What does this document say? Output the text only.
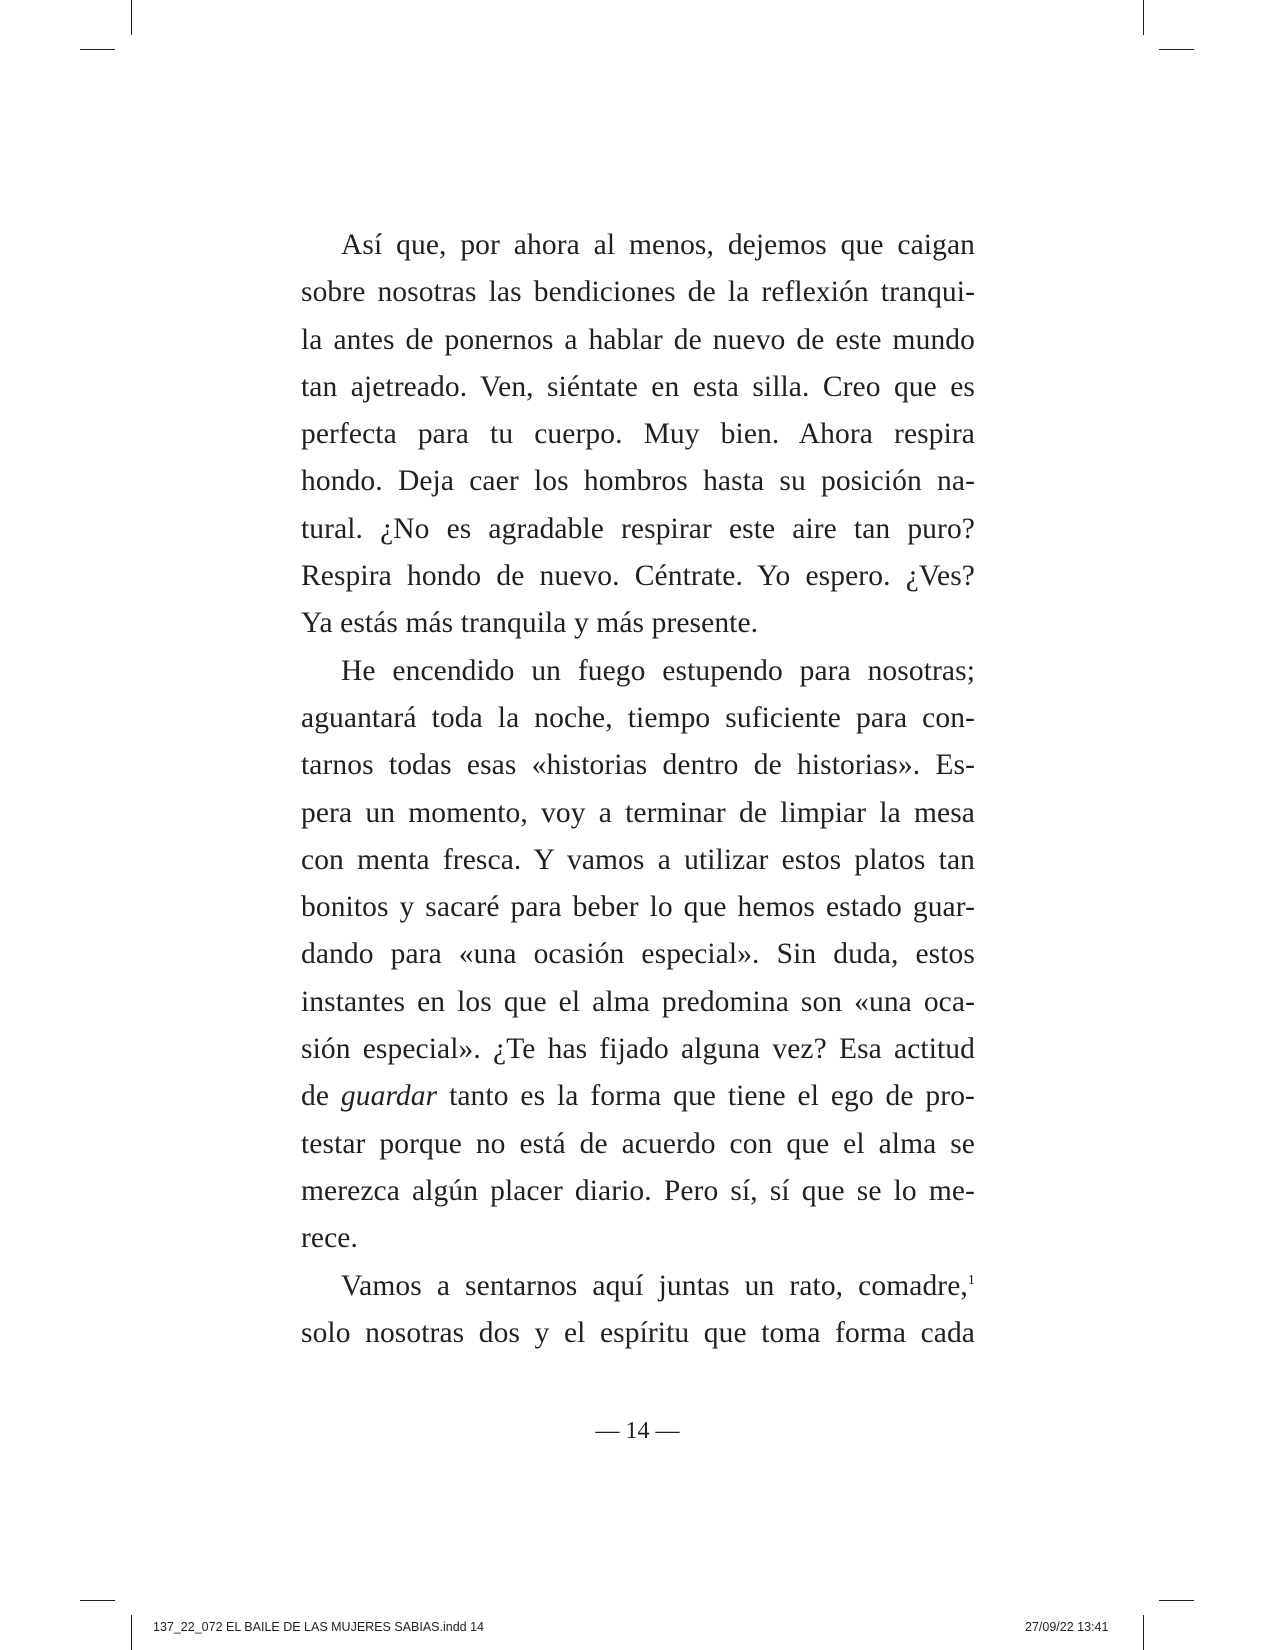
Así que, por ahora al menos, dejemos que caigan
sobre nosotras las bendiciones de la reflexión tranqui-
la antes de ponernos a hablar de nuevo de este mundo
tan ajetreado. Ven, siéntate en esta silla. Creo que es
perfecta para tu cuerpo. Muy bien. Ahora respira
hondo. Deja caer los hombros hasta su posición na-
tural. ¿No es agradable respirar este aire tan puro?
Respira hondo de nuevo. Céntrate. Yo espero. ¿Ves?
Ya estás más tranquila y más presente.
He encendido un fuego estupendo para nosotras;
aguantará toda la noche, tiempo suficiente para con-
tarnos todas esas «historias dentro de historias». Es-
pera un momento, voy a terminar de limpiar la mesa
con menta fresca. Y vamos a utilizar estos platos tan
bonitos y sacaré para beber lo que hemos estado guar-
dando para «una ocasión especial». Sin duda, estos
instantes en los que el alma predomina son «una oca-
sión especial». ¿Te has fijado alguna vez? Esa actitud
de guardar tanto es la forma que tiene el ego de pro-
testar porque no está de acuerdo con que el alma se
merezca algún placer diario. Pero sí, sí que se lo me-
rece.
Vamos a sentarnos aquí juntas un rato, comadre,$^1$
solo nosotras dos y el espíritu que toma forma cada
— 14 —
137_22_072 EL BAILE DE LAS MUJERES SABIAS.indd 14	27/09/22 13:41
